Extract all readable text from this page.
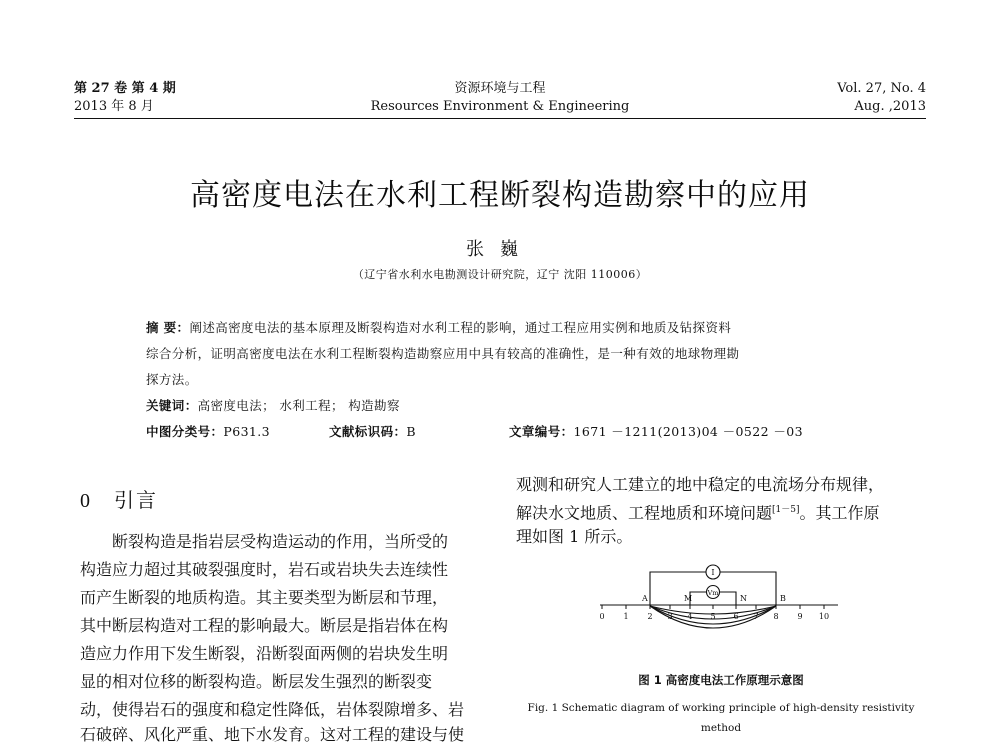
第 27 卷 第 4 期
2013 年 8 月
资源环境与工程
Resources Environment & Engineering
Vol. 27, No. 4
Aug. ,2013
高密度电法在水利工程断裂构造勘察中的应用
张巍
（辽宁省水利水电勘测设计研究院，辽宁 沈阳 110006）
摘 要：阐述高密度电法的基本原理及断裂构造对水利工程的影响，通过工程应用实例和地质及钻探资料
综合分析，证明高密度电法在水利工程断裂构造勘察应用中具有较高的准确性，是一种有效的地球物理勘
探方法。
关键词：高密度电法； 水利工程； 构造勘察
中图分类号：P631.3	文献标识码：B	文章编号：1671 －1211(2013)04 －0522 －03
0 引言
断裂构造是指岩层受构造运动的作用，当所受的
构造应力超过其破裂强度时，岩石或岩块失去连续性
而产生断裂的地质构造。其主要类型为断层和节理，
其中断层构造对工程的影响最大。断层是指岩体在构
造应力作用下发生断裂，沿断裂面两侧的岩块发生明
显的相对位移的断裂构造。断层发生强烈的断裂变
动，使得岩石的强度和稳定性降低，岩体裂隙增多、岩
石破碎、风化严重、地下水发育。这对工程的建设与使
观测和研究人工建立的地中稳定的电流场分布规律，
解决水文地质、工程地质和环境问题[1－5]。其工作原
理如图 1 所示。
I
Vm
A	M	N	B
0 1 2 3 4 5 6 7 8 9 10
图 1 高密度电法工作原理示意图
Fig. 1 Schematic diagram of working principle of high-density resistivity method
